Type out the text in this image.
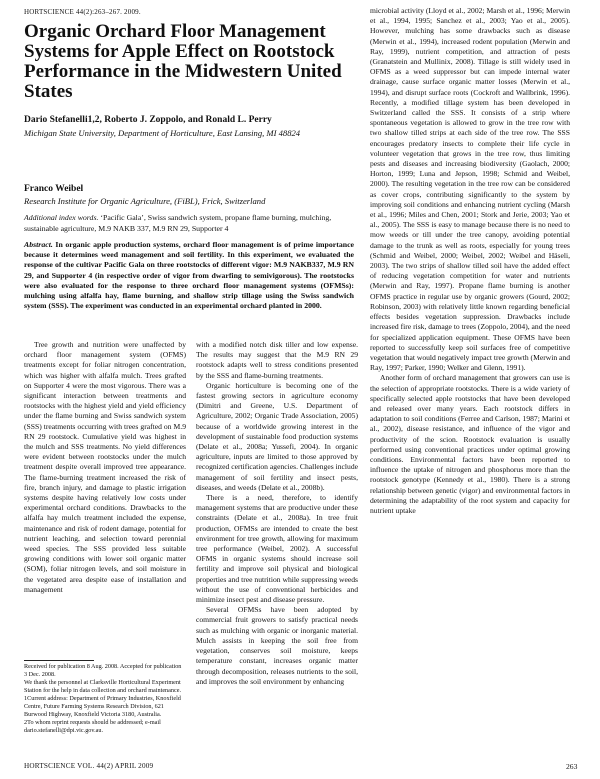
HORTSCIENCE 44(2):263–267. 2009.
Organic Orchard Floor Management Systems for Apple Effect on Rootstock Performance in the Midwestern United States
Dario Stefanelli1,2, Roberto J. Zoppolo, and Ronald L. Perry
Michigan State University, Department of Horticulture, East Lansing, MI 48824
Franco Weibel
Research Institute for Organic Agriculture, (FiBL), Frick, Switzerland
Additional index words. ‘Pacific Gala’, Swiss sandwich system, propane flame burning, mulching, sustainable agriculture, M.9 NAKB 337, M.9 RN 29, Supporter 4
Abstract. In organic apple production systems, orchard floor management is of prime importance because it determines weed management and soil fertility. In this experiment, we evaluated the response of the cultivar Pacific Gala on three rootstocks of different vigor: M.9 NAKB337, M.9 RN 29, and Supporter 4 (in respective order of vigor from dwarfing to semivigorous). The rootstocks were also evaluated for the response to three orchard floor management systems (OFMSs): mulching using alfalfa hay, flame burning, and shallow strip tillage using the Swiss sandwich system (SSS). The experiment was conducted in an experimental orchard planted in 2000.

Tree growth and nutrition were unaffected by orchard floor management system (OFMS) treatments except for foliar nitrogen concentration, which was higher with alfalfa mulch. Trees grafted on Supporter 4 were the most vigorous. There was a significant interaction between treatments and rootstocks with the highest yield and yield efficiency under the flame burning and Swiss sandwich system (SSS) treatments occurring with trees grafted on M.9 RN 29 rootstock. Cumulative yield was highest in the mulch and SSS treatments. No yield differences were evident between rootstocks under the mulch treatment despite overall improved tree appearance. The flame-burning treatment increased the risk of fire, branch injury, and damage to plastic irrigation systems despite having relatively low costs under experimental orchard conditions. Drawbacks to the alfalfa hay mulch treatment included the expense, maintenance and risk of rodent damage, potential for nutrient leaching, and selection toward perennial weed species. The SSS provided less suitable growing conditions with lower soil organic matter (SOM), foliar nitrogen levels, and soil moisture in the vegetated area despite ease of installation and management

with a modified notch disk tiller and low expense. The results may suggest that the M.9 RN 29 rootstock adapts well to stress conditions presented by the SSS and flame-burning treatments.

Organic horticulture is becoming one of the fastest growing sectors in agriculture economy (Dimitri and Greene, U.S. Department of Agriculture, 2002; Organic Trade Association, 2005) because of a worldwide growing interest in the development of sustainable food production systems (Delate et al., 2008a; Yussefi, 2004). In organic agriculture, inputs are limited to those approved by recognized certification agencies. Challenges include management of soil fertility and insect pests, diseases, and weeds (Delate et al., 2008b).

There is a need, therefore, to identify management systems that are productive under these constraints (Delate et al., 2008a). In tree fruit production, OFMSs are intended to create the best environment for tree growth, allowing for maximum tree performance (Weibel, 2002). A successful OFMS in organic systems should increase soil fertility and improve soil physical and biological properties and tree nutrition while suppressing weeds without the use of conventional herbicides and minimize insect pest and disease pressure.

Several OFMSs have been adopted by commercial fruit growers to satisfy practical needs such as mulching with organic or inorganic material. Mulch assists in keeping the soil free from vegetation, conserves soil moisture, keeps temperature constant, increases organic matter through decomposition, releases nutrients to the soil, and improves the soil environment by enhancing

microbial activity (Lloyd et al., 2002; Marsh et al., 1996; Merwin et al., 1994, 1995; Sanchez et al., 2003; Yao et al., 2005). However, mulching has some drawbacks such as disease (Merwin et al., 1994), increased rodent population (Merwin and Ray, 1999), nutrient competition, and attraction of pests (Granatstein and Mullinix, 2008). Tillage is still widely used in OFMS as a weed suppressor but can impede internal water drainage, cause surface organic matter losses (Merwin et al., 1994), and disrupt surface roots (Cockroft and Wallbrink, 1996). Recently, a modified tillage system has been developed in Switzerland called the SSS. It consists of a strip where spontaneous vegetation is allowed to grow in the tree row with two shallow tilled strips at each side of the tree row. The SSS encourages predatory insects to complete their life cycle in volunteer vegetation that grows in the tree row, thus limiting pests and diseases and increasing biodiversity (Gaolach, 2000; Horton, 1999; Luna and Jepson, 1998; Schmid and Weibel, 2000). The resulting vegetation in the tree row can be considered as cover crops, contributing significantly to the system by improving soil conditions and enhancing nutrient cycling (Marsh et al., 1996; Miles and Chen, 2001; Stork and Jerie, 2003; Yao et al., 2005). The SSS is easy to manage because there is no need to mow weeds or till under the tree canopy, avoiding potential damage to the trunk as well as roots, especially for young trees (Schmid and Weibel, 2000; Weibel, 2002; Weibel and Häseli, 2003). The two strips of shallow tilled soil have the added effect of reducing vegetation competition for water and nutrients (Merwin and Ray, 1997). Propane flame burning is another OFMS practice in regular use by organic growers (Gourd, 2002; Robinson, 2003) with relatively little known regarding beneficial effects besides vegetation suppression. Drawbacks include increased fire risk, damage to trees (Zoppolo, 2004), and the need for specialized application equipment. These OFMS have been reported to successfully keep soil surfaces free of competitive vegetation that would negatively impact tree growth (Merwin and Ray, 1997; Parker, 1990; Welker and Glenn, 1991).

Another form of orchard management that growers can use is the selection of appropriate rootstocks. There is a wide variety of specifically selected apple rootstocks that have been developed and released over many years. Each rootstock differs in adaptation to soil conditions (Ferree and Carlson, 1987; Marini et al., 2002), disease resistance, and influence of the vigor and productivity of the scion. Rootstock evaluation is usually performed using conventional practices under optimal growing conditions. Environmental factors have been reported to influence the uptake of nitrogen and phosphorus more than the rootstock genotype (Kennedy et al., 1980). There is a strong relationship between genetic (vigor) and environmental factors in determining the adaptability of the root system and capacity for nutrient uptake

Received for publication 8 Aug. 2008. Accepted for publication 3 Dec. 2008.
We thank the personnel at Clarksville Horticultural Experiment Station for the help in data collection and orchard maintenance.
1Current address: Department of Primary Industries, Knoxfield Centre, Future Farming Systems Research Division, 621 Burwood Highway, Knoxfield Victoria 3180, Australia.
2To whom reprint requests should be addressed; e-mail dario.stefanelli@dpi.vic.gov.au.
HORTSCIENCE VOL. 44(2) APRIL 2009	263
